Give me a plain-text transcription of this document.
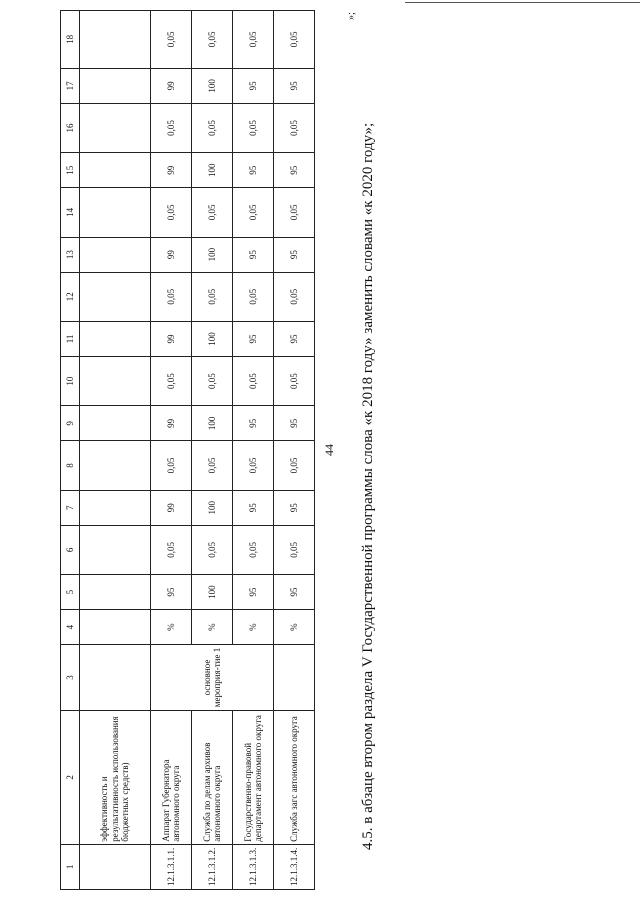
1	2	3	4	5	6	7	8	9	10	11	12	13	14	15	16	17	18
	эффективность и результативность использования бюджетных средств)																
12.1.3.1.1.	Аппарат Губернатора автономного округа	основное мероприя-тие 1	%	95	0,05	99	0,05	99	0,05	99	0,05	99	0,05	99	0,05	99	0,05
12.1.3.1.2.	Служба по делам архивов автономного округа		%	100	0,05	100	0,05	100	0,05	100	0,05	100	0,05	100	0,05	100	0,05
12.1.3.1.3.	Государственно-правовой департамент автономного округа		%	95	0,05	95	0,05	95	0,05	95	0,05	95	0,05	95	0,05	95	0,05
12.1.3.1.4.	Служба загс автономного округа		%	95	0,05	95	0,05	95	0,05	95	0,05	95	0,05	95	0,05	95	0,05
44
»;
4.5. в абзаце втором раздела V Государственной программы слова «к 2018 году» заменить словами «к 2020 году»;
